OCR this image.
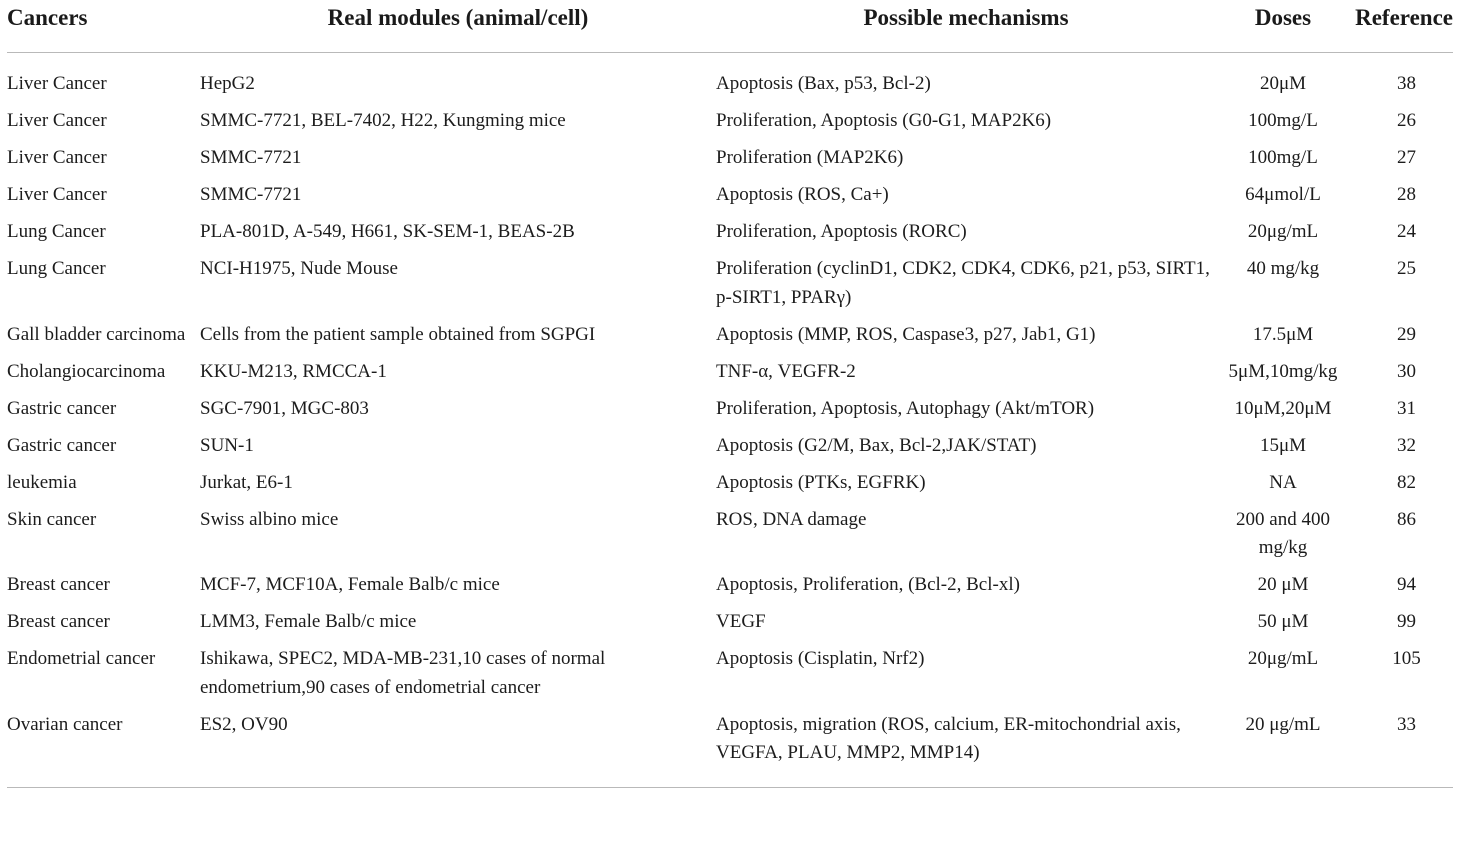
Cancers	Real modules (animal/cell)	Possible mechanisms	Doses	Reference
Liver Cancer	HepG2	Apoptosis (Bax, p53, Bcl-2)	20μM	38
Liver Cancer	SMMC-7721, BEL-7402, H22, Kungming mice	Proliferation, Apoptosis (G0-G1, MAP2K6)	100mg/L	26
Liver Cancer	SMMC-7721	Proliferation (MAP2K6)	100mg/L	27
Liver Cancer	SMMC-7721	Apoptosis (ROS, Ca+)	64μmol/L	28
Lung Cancer	PLA-801D, A-549, H661, SK-SEM-1, BEAS-2B	Proliferation, Apoptosis (RORC)	20μg/mL	24
Lung Cancer	NCI-H1975, Nude Mouse	Proliferation (cyclinD1, CDK2, CDK4, CDK6, p21, p53, SIRT1, p-SIRT1, PPARγ)	40 mg/kg	25
Gall bladder carcinoma	Cells from the patient sample obtained from SGPGI	Apoptosis (MMP, ROS, Caspase3, p27, Jab1, G1)	17.5μM	29
Cholangiocarcinoma	KKU-M213, RMCCA-1	TNF-α, VEGFR-2	5μM,10mg/kg	30
Gastric cancer	SGC-7901, MGC-803	Proliferation, Apoptosis, Autophagy (Akt/mTOR)	10μM,20μM	31
Gastric cancer	SUN-1	Apoptosis (G2/M, Bax, Bcl-2,JAK/STAT)	15μM	32
leukemia	Jurkat, E6-1	Apoptosis (PTKs, EGFRK)	NA	82
Skin cancer	Swiss albino mice	ROS, DNA damage	200 and 400 mg/kg	86
Breast cancer	MCF-7, MCF10A, Female Balb/c mice	Apoptosis, Proliferation, (Bcl-2, Bcl-xl)	20 μM	94
Breast cancer	LMM3, Female Balb/c mice	VEGF	50 μM	99
Endometrial cancer	Ishikawa, SPEC2, MDA-MB-231,10 cases of normal endometrium,90 cases of endometrial cancer	Apoptosis (Cisplatin, Nrf2)	20μg/mL	105
Ovarian cancer	ES2, OV90	Apoptosis, migration (ROS, calcium, ER-mitochondrial axis, VEGFA, PLAU, MMP2, MMP14)	20 μg/mL	33
